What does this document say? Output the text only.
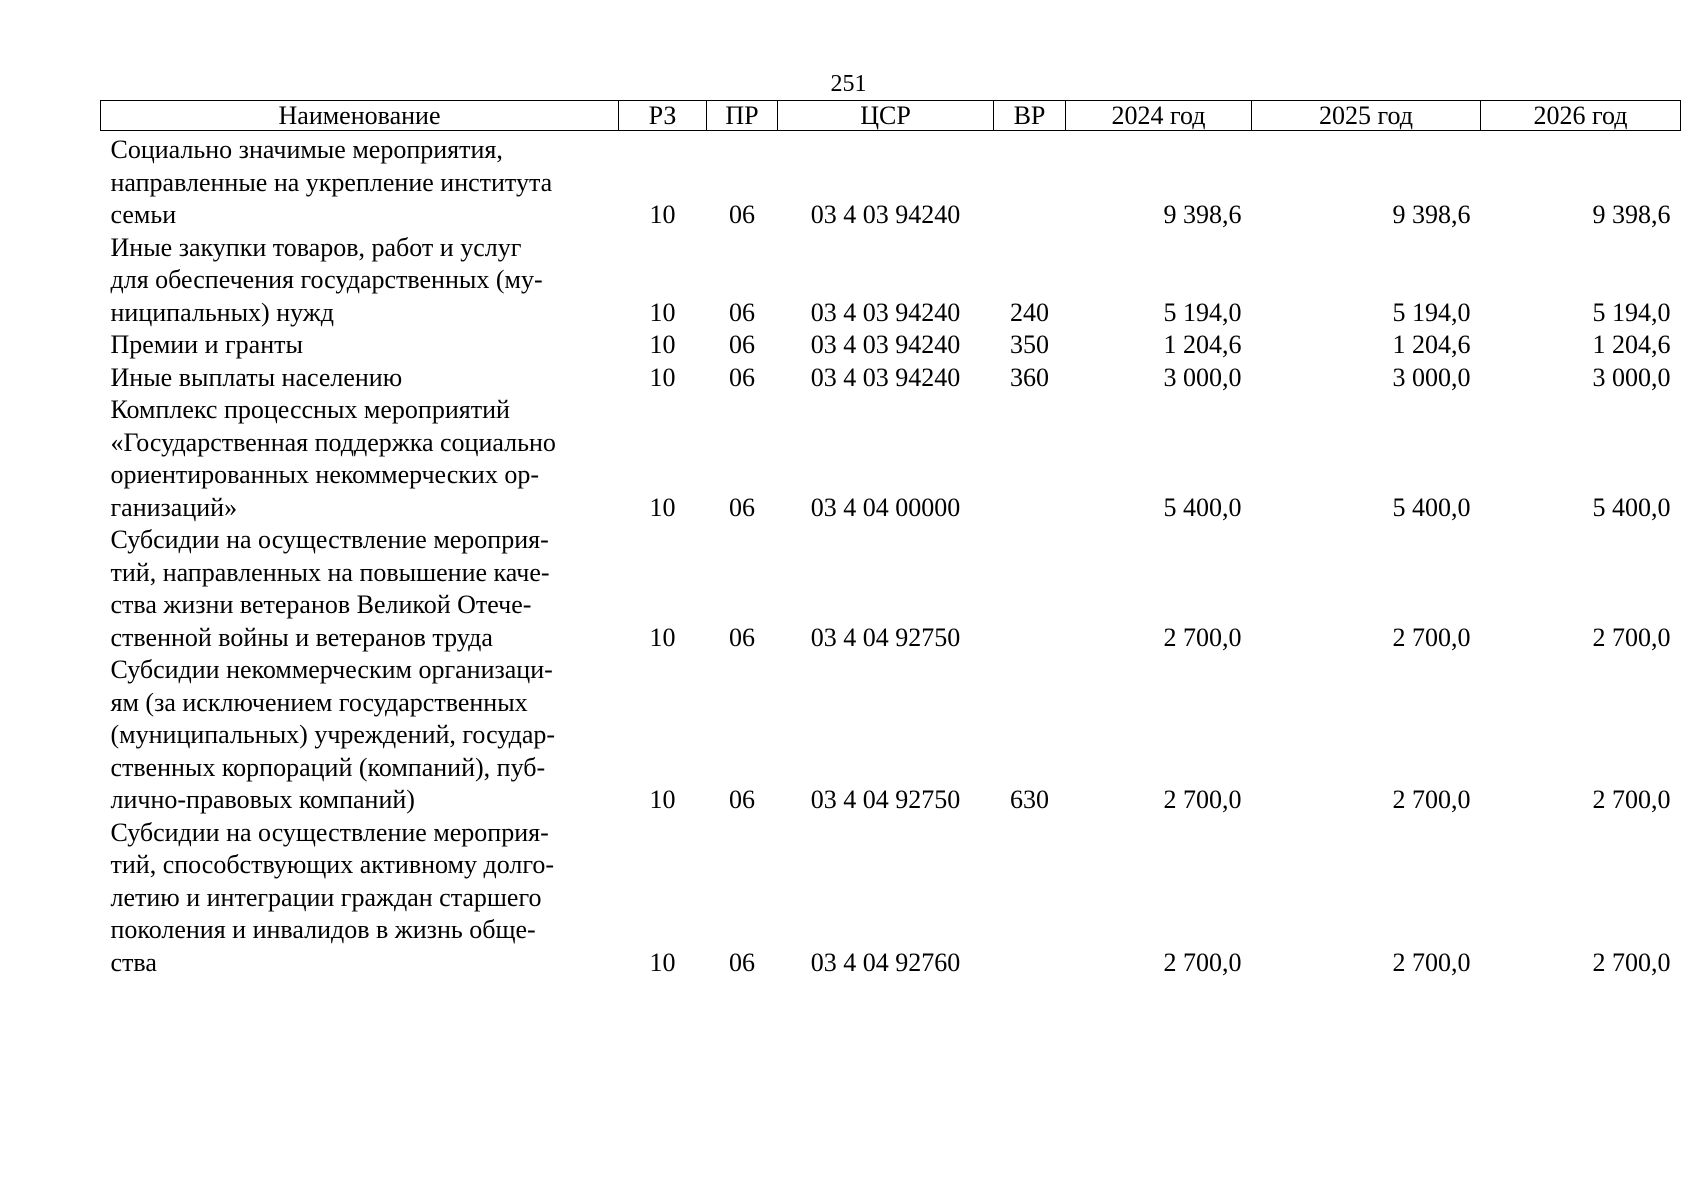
251
Наименование	РЗ	ПР	ЦСР	ВР	2024 год	2025 год	2026 год

Социально значимые мероприятия,
направленные на укрепление института
семьи	10	06	03 4 03 94240		9 398,6	9 398,6	9 398,6

Иные закупки товаров, работ и услуг
для обеспечения государственных (му-
ниципальных) нужд	10	06	03 4 03 94240	240	5 194,0	5 194,0	5 194,0

Премии и гранты	10	06	03 4 03 94240	350	1 204,6	1 204,6	1 204,6

Иные выплаты населению	10	06	03 4 03 94240	360	3 000,0	3 000,0	3 000,0

Комплекс процессных мероприятий
«Государственная поддержка социально
ориентированных некоммерческих ор-
ганизаций»	10	06	03 4 04 00000		5 400,0	5 400,0	5 400,0

Субсидии на осуществление мероприя-
тий, направленных на повышение каче-
ства жизни ветеранов Великой Отече-
ственной войны и ветеранов труда	10	06	03 4 04 92750		2 700,0	2 700,0	2 700,0

Субсидии некоммерческим организаци-
ям (за исключением государственных
(муниципальных) учреждений, государ-
ственных корпораций (компаний), пуб-
лично-правовых компаний)	10	06	03 4 04 92750	630	2 700,0	2 700,0	2 700,0

Субсидии на осуществление мероприя-
тий, способствующих активному долго-
летию и интеграции граждан старшего
поколения и инвалидов в жизнь обще-
ства	10	06	03 4 04 92760		2 700,0	2 700,0	2 700,0
